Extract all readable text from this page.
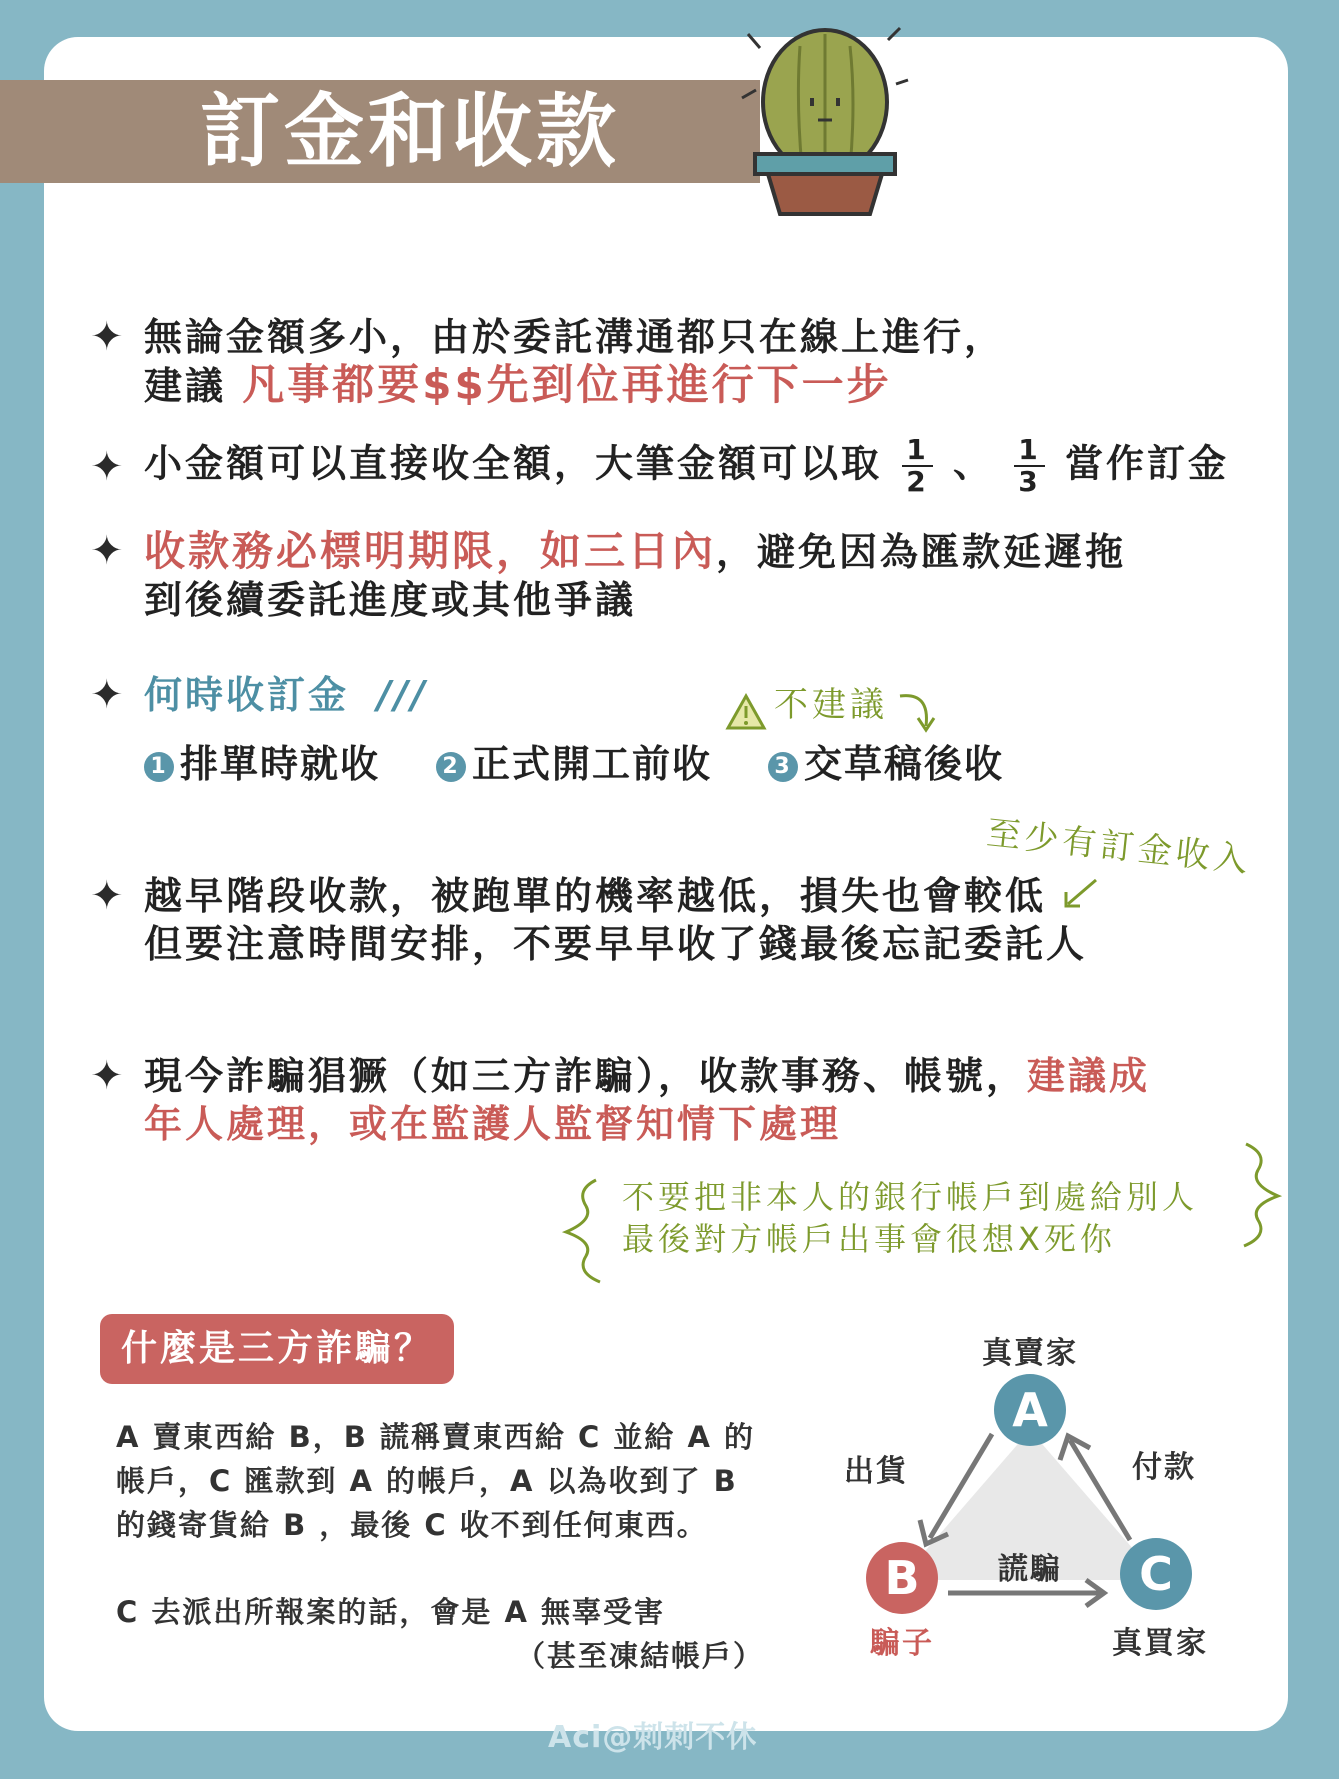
訂金和收款
✦ 無論金額多小，由於委託溝通都只在線上進行，
建議 凡事都要$$先到位再進行下一步
✦ 小金額可以直接收全額，大筆金額可以取 $\frac{1}{2}$ 、 $\frac{1}{3}$ 當作訂金
✦ 收款務必標明期限，如三日內，避免因為匯款延遲拖
到後續委託進度或其他爭議
✦ 何時收訂金 ///	不建議
1 排單時就收	2 正式開工前收	3 交草稿後收
至少有訂金收入
✦ 越早階段收款，被跑單的機率越低，損失也會較低
但要注意時間安排，不要早早收了錢最後忘記委託人
✦ 現今詐騙猖獗（如三方詐騙），收款事務、帳號，建議成
年人處理，或在監護人監督知情下處理
不要把非本人的銀行帳戶到處給別人
最後對方帳戶出事會很想X死你
什麼是三方詐騙？
A 賣東西給 B，B 謊稱賣東西給 C 並給 A 的
帳戶，C 匯款到 A 的帳戶，A 以為收到了 B
的錢寄貨給 B ，最後 C 收不到任何東西。
C 去派出所報案的話，會是 A 無辜受害
（甚至凍結帳戶）
A
B	C
真賣家
騙子	真買家
出貨	付款
謊騙
Aci@刺刺不休
